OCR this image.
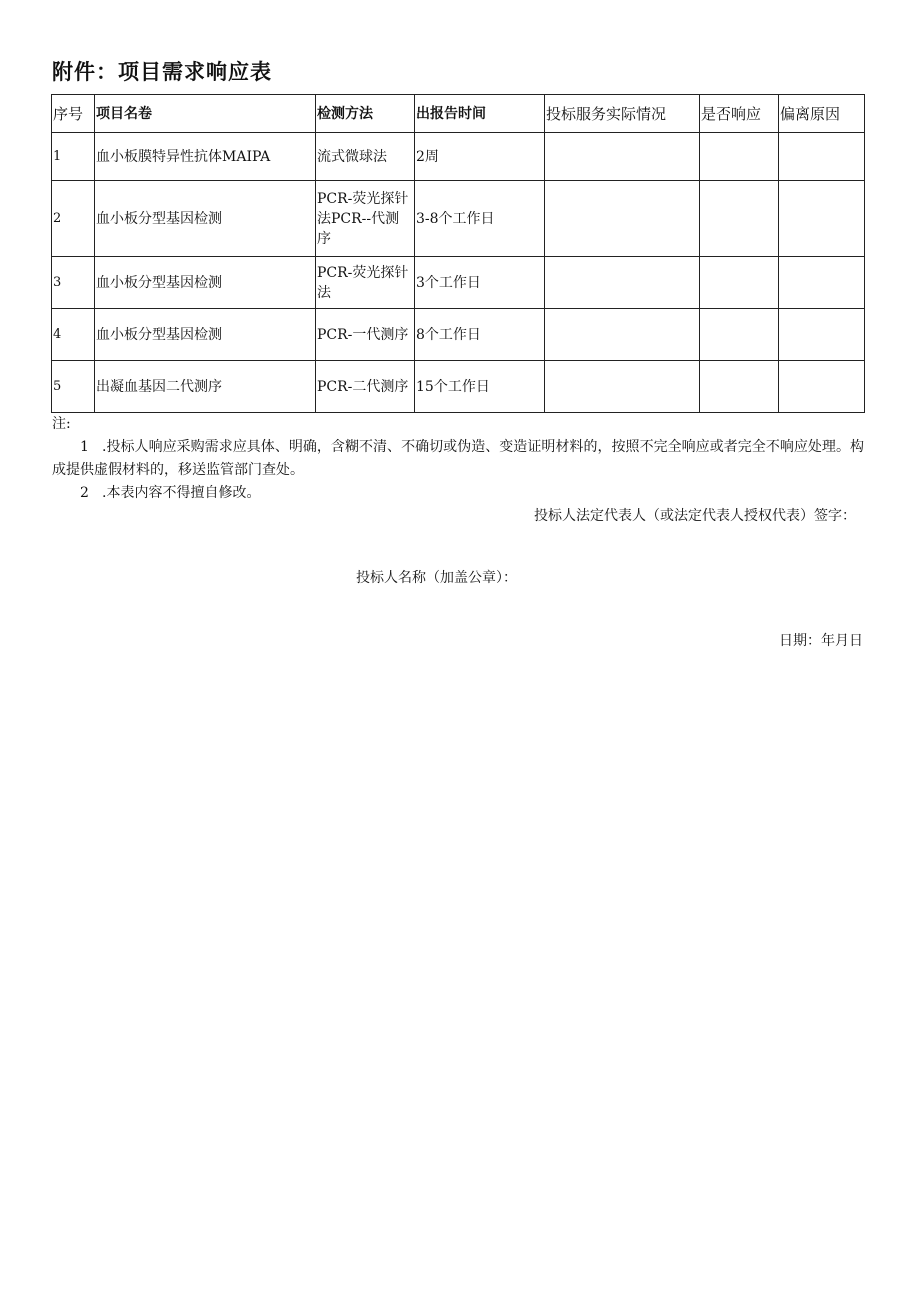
附件：项目需求响应表
序号	项目名卷	检测方法	出报告时间	投标服务实际情况	是否响应	偏离原因
1	血小板膜特异性抗体MAIPA	流式微球法	2周			
2	血小板分型基因检测	PCR-荧光探针法PCR--代测序	3-8个工作日			
3	血小板分型基因检测	PCR-荧光探针法	3个工作日			
4	血小板分型基因检测	PCR-一代测序	8个工作日			
5	出凝血基因二代测序	PCR-二代测序	15个工作日			
注:
1 .投标人响应采购需求应具体、明确，含糊不清、不确切或伪造、变造证明材料的，按照不完全响应或者完全不响应处理。构成提供虚假材料的，移送监管部门查处。
2 .本表内容不得擅自修改。
投标人法定代表人（或法定代表人授权代表）签字：
投标人名称（加盖公章）：
日期：年月日
